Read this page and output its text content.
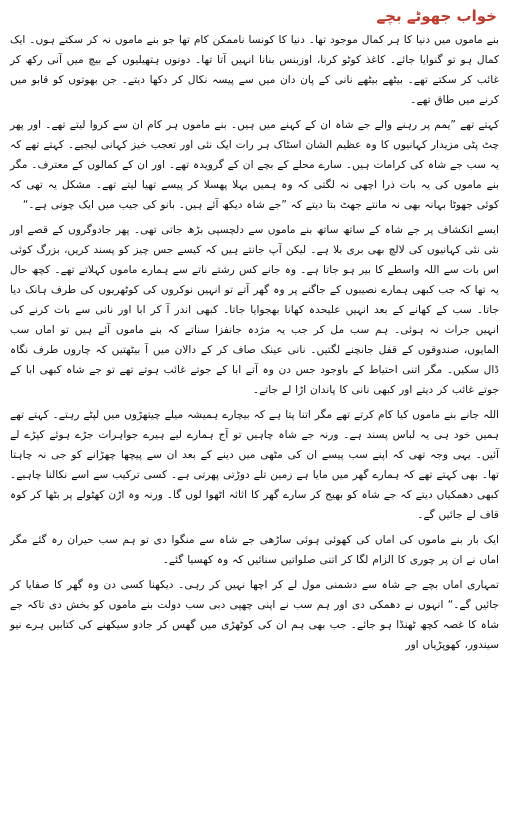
خواب جھوٹے بچے

بنے ماموں میں دنیا کا ہر کمال موجود تھا۔ دنیا کا کونسا ناممکن کام تھا جو بنے ماموں نہ کر سکتے ہوں۔ ایک کمال ہو تو گنوایا جائے۔ کاغذ کوٹو کرنا، اوزبنس بنانا انہیں آتا تھا۔ دونوں ہتھیلیوں کے بیچ میں آنی رکھ کر غائب کر سکتے تھے۔ بیٹھے بیٹھے نانی کے پان دان میں سے پیسہ نکال کر دکھا دیتے۔ جن بھوتوں کو قابو میں کرنے میں طاق تھے۔

کہتے تھے ”یمم پر رہنے والے جے شاہ ان کے کہنے میں ہیں۔ بنے ماموں ہر کام ان سے کروا لیتے تھے۔ اور پھر چٹ پٹی مزیدار کہانیوں کا وہ عظیم الشان اسٹاک ہر رات ایک نئی اور تعجب خیز کہانی لیجیے۔ کہتے تھے کہ یہ سب جے شاہ کی کرامات ہیں۔ سارے محلے کے بچے ان کے گرویدہ تھے۔ اور ان کے کمالوں کے معترف۔ مگر بنے ماموں کی یہ بات ذرا اچھی نہ لگتی کہ وہ ہمیں بہلا پھسلا کر پیسے تھیا لیتے تھے۔ مشکل یہ تھی کہ کوئی جھوٹا بہانہ بھی نہ مانتے جھٹ بتا دیتے کہ ”جے شاہ دیکھ آئے ہیں۔ بانو کی جیب میں ایک چونی ہے۔“

ایسے انکشاف پر جے شاہ کے ساتھ ساتھ بنے ماموں سے دلچسپی بڑھ جاتی تھی۔ پھر جادوگروں کے قصے اور نئی نئی کہانیوں کی لالچ بھی بری بلا ہے۔ لیکن آپ جانتے ہیں کہ کیسے جس چیز کو پسند کریں، بزرگ کوئی اس بات سے اللہ واسطے کا بیر ہو جاتا ہے۔ وہ جانے کس رشتے ناتے سے ہمارے ماموں کہلاتے تھے۔ کچھ حال یہ تھا کہ جب کبھی ہمارے نصیبوں کے جاگنے پر وہ گھر آتے تو انہیں نوکروں کی کوٹھریوں کی طرف ہانک دیا جاتا۔ سب کے کھانے کے بعد انہیں علیحدہ کھانا بھجوایا جاتا۔ کبھی اندر آ کر ابا اور نانی سے بات کرنے کی انہیں جرات نہ ہوئی۔ ہم سب مل کر جب یہ مژدہ جانفزا سناتے کہ بنے ماموں آئے ہیں تو اماں سب المایوں، صندوقوں کے قفل جانچنے لگتیں۔ نانی عینک صاف کر کے دالان میں آ بیٹھتیں کہ چاروں طرف نگاہ ڈال سکیں۔ مگر اتنی احتیاط کے باوجود جس دن وہ آتے ابا کے جوتے غائب ہوتے تھے تو جے شاہ کبھی ابا کے جوتے غائب کر دیتے اور کبھی نانی کا پاندان اڑا لے جاتے۔

اللہ جانے بنے ماموں کیا کام کرتے تھے مگر اتنا پتا ہے کہ بیچارے ہمیشہ میلے چیتھڑوں میں لپٹے رہتے۔ کہتے تھے ہمیں خود ہی یہ لباس پسند ہے۔ ورنہ جے شاہ چاہیں تو آج ہمارے لیے ہیرے جواہرات جڑے ہوئے کپڑے لے آئیں۔ یہی وجہ تھی کہ اپنے سب پیسے ان کی مٹھی میں دینے کے بعد ان سے پیچھا چھڑانے کو جی نہ چاہتا تھا۔ بھی کہتے تھے کہ ہمارے گھر میں مایا ہے زمین تلے دوڑتی پھرتی ہے۔ کسی ترکیب سے اسے نکالنا چاہیے۔ کبھی دھمکیاں دیتے کہ جے شاہ کو بھیج کر سارے گھر کا اثاثہ اٹھوا لوں گا۔ ورنہ وہ اڑن کھٹولے پر بٹھا کر کوہ قاف لے جائیں گے۔

ایک بار بنے ماموں کی اماں کی کھوئی ہوئی ساڑھی جے شاہ سے منگوا دی تو ہم سب حیران رہ گئے مگر اماں نے ان پر چوری کا الزام لگا کر اتنی صلواتیں سنائیں کہ وہ کھسیا گئے۔

تمہاری اماں بچے جے شاہ سے دشمنی مول لے کر اچھا نہیں کر رہی۔ دیکھنا کسی دن وہ گھر کا صفایا کر جائیں گے۔“ انہوں نے دھمکی دی اور ہم سب نے اپنی چھپی دبی سب دولت بنے ماموں کو بخش دی تاکہ جے شاہ کا غصہ کچھ ٹھنڈا ہو جائے۔ جب بھی ہم ان کی کوٹھڑی میں گھس کر جادو سیکھنے کی کتابیں ہرے نیو سیندور، کھوپڑیاں اور
